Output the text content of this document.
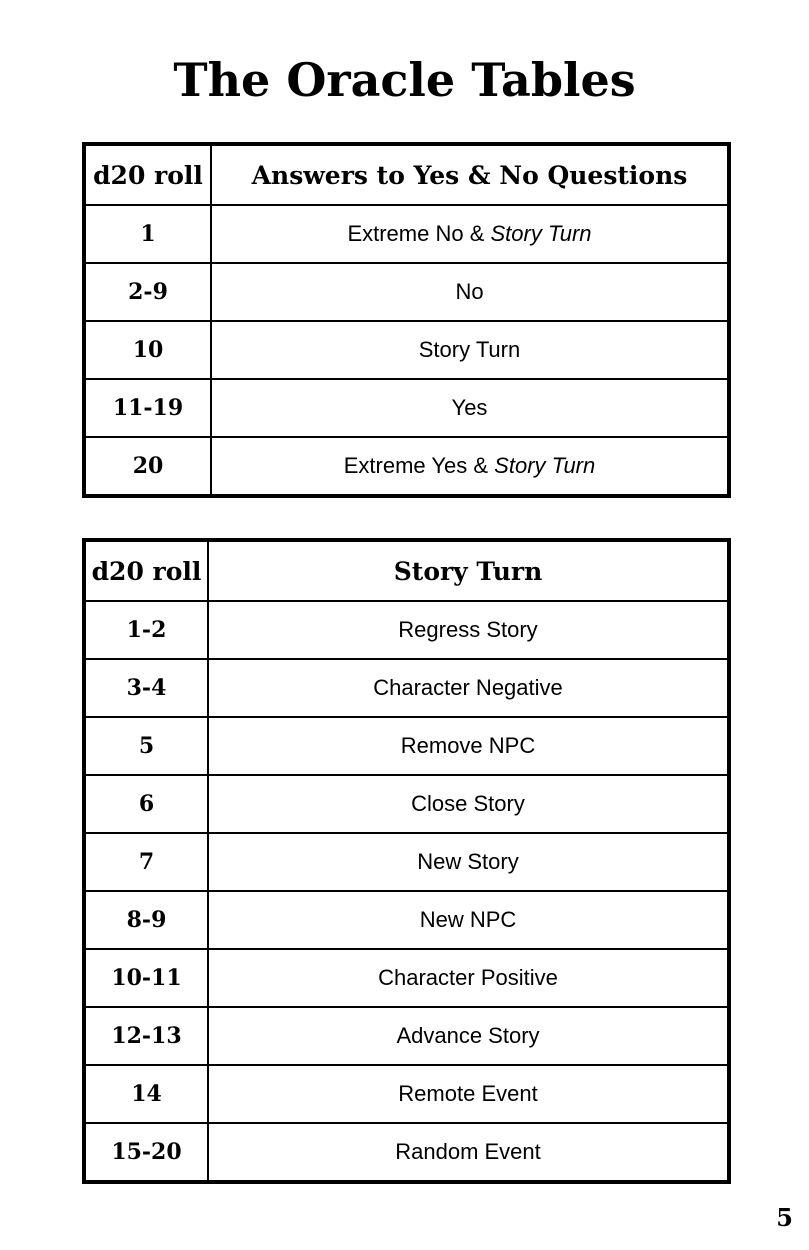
The Oracle Tables
d20 roll	Answers to Yes & No Questions
1	Extreme No & Story Turn
2-9	No
10	Story Turn
11-19	Yes
20	Extreme Yes & Story Turn
d20 roll	Story Turn
1-2	Regress Story
3-4	Character Negative
5	Remove NPC
6	Close Story
7	New Story
8-9	New NPC
10-11	Character Positive
12-13	Advance Story
14	Remote Event
15-20	Random Event
5
